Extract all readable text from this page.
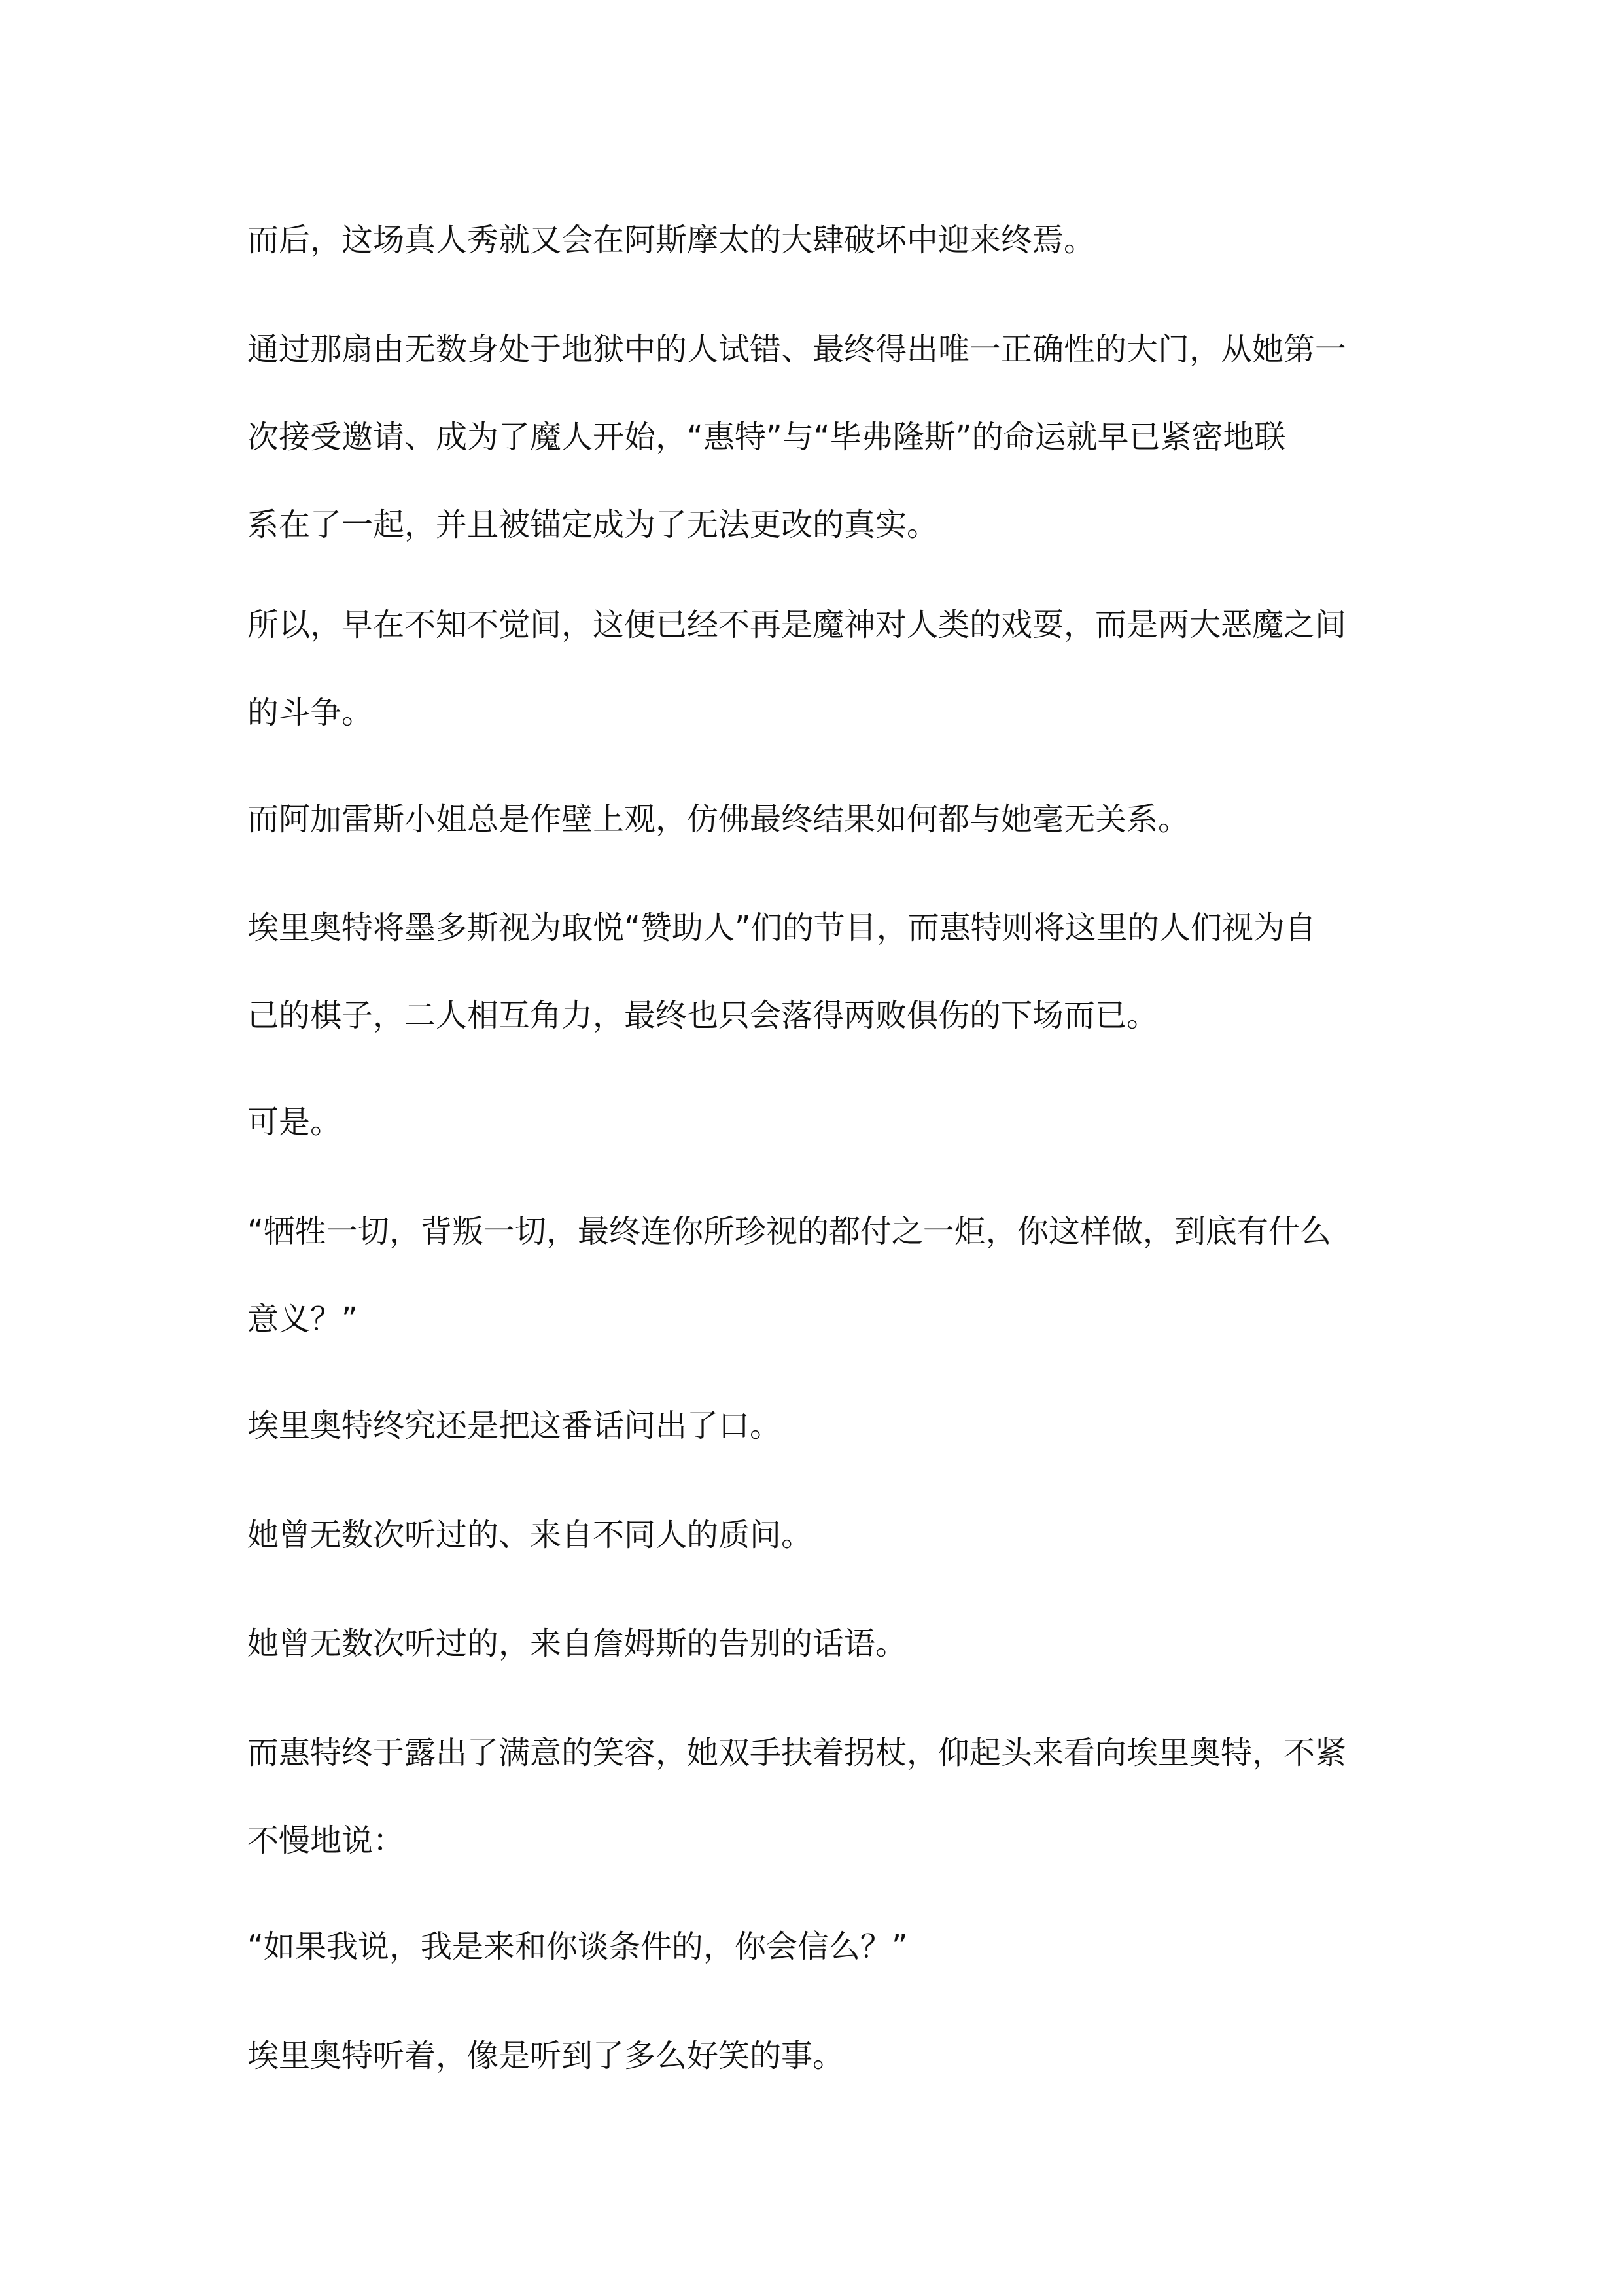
而后，这场真人秀就又会在阿斯摩太的大肆破坏中迎来终焉。

通过那扇由无数身处于地狱中的人试错、最终得出唯一正确性的大门，从她第一
次接受邀请、成为了魔人开始，“惠特”与“毕弗隆斯”的命运就早已紧密地联
系在了一起，并且被锚定成为了无法更改的真实。

所以，早在不知不觉间，这便已经不再是魔神对人类的戏耍，而是两大恶魔之间
的斗争。

而阿加雷斯小姐总是作壁上观，仿佛最终结果如何都与她毫无关系。

埃里奥特将墨多斯视为取悦“赞助人”们的节目，而惠特则将这里的人们视为自
己的棋子，二人相互角力，最终也只会落得两败俱伤的下场而已。

可是。

“牺牲一切，背叛一切，最终连你所珍视的都付之一炬，你这样做，到底有什么
意义？”

埃里奥特终究还是把这番话问出了口。

她曾无数次听过的、来自不同人的质问。

她曾无数次听过的，来自詹姆斯的告别的话语。

而惠特终于露出了满意的笑容，她双手扶着拐杖，仰起头来看向埃里奥特，不紧
不慢地说：

“如果我说，我是来和你谈条件的，你会信么？”

埃里奥特听着，像是听到了多么好笑的事。
